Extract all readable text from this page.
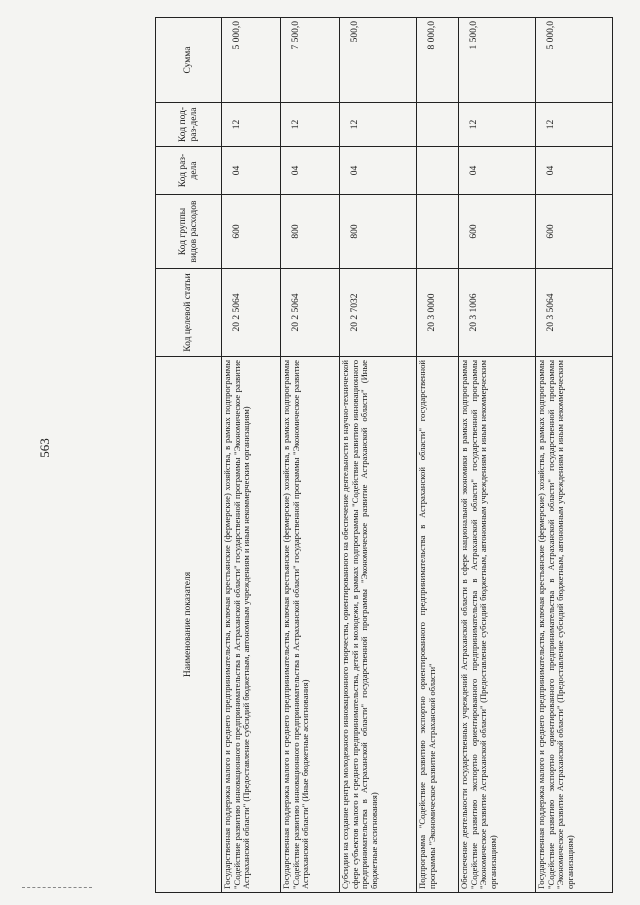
563
Наименование показателя	Код целевой статьи	Код группы видов расходов	Код раз-дела	Код под-раз-дела	Сумма
Государственная поддержка малого и среднего предпринимательства, включая крестьянские (фермерские) хозяйства, в рамках подпрограммы "Содействие развитию инновационного предпринимательства в Астраханской области" государственной программы "Экономическое развитие Астраханской области" (Предоставление субсидий бюджетным, автономным учреждениям и иным некоммерческим организациям)	20 2 5064	600	04	12	5 000,0
Государственная поддержка малого и среднего предпринимательства, включая крестьянские (фермерские) хозяйства, в рамках подпрограммы "Содействие развитию инновационного предпринимательства в Астраханской области" государственной программы "Экономическое развитие Астраханской области" (Иные бюджетные ассигнования)	20 2 5064	800	04	12	7 500,0
Субсидии на создание центра молодежного инновационного творчества, ориентированного на обеспечение деятельности в научно-технической сфере субъектов малого и среднего предпринимательства, детей и молодежи, в рамках подпрограммы "Содействие развитию инновационного предпринимательства в Астраханской области" государственной программы "Экономическое развитие Астраханской области" (Иные бюджетные ассигнования)	20 2 7032	800	04	12	500,0
Подпрограмма "Содействие развитию экспортно ориентированного предпринимательства в Астраханской области" государственной программы "Экономическое развитие Астраханской области"	20 3 0000				8 000,0
Обеспечение деятельности государственных учреждений Астраханской области в сфере национальной экономики в рамках подпрограммы "Содействие развитию экспортно ориентированного предпринимательства в Астраханской области" государственной программы "Экономическое развитие Астраханской области" (Предоставление субсидий бюджетным, автономным учреждениям и иным некоммерческим организациям)	20 3 1006	600	04	12	1 500,0
Государственная поддержка малого и среднего предпринимательства, включая крестьянские (фермерские) хозяйства, в рамках подпрограммы "Содействие развитию экспортно ориентированного предпринимательства в Астраханской области" государственной программы "Экономическое развитие Астраханской области" (Предоставление субсидий бюджетным, автономным учреждениям и иным некоммерческим организациям)	20 3 5064	600	04	12	5 000,0
